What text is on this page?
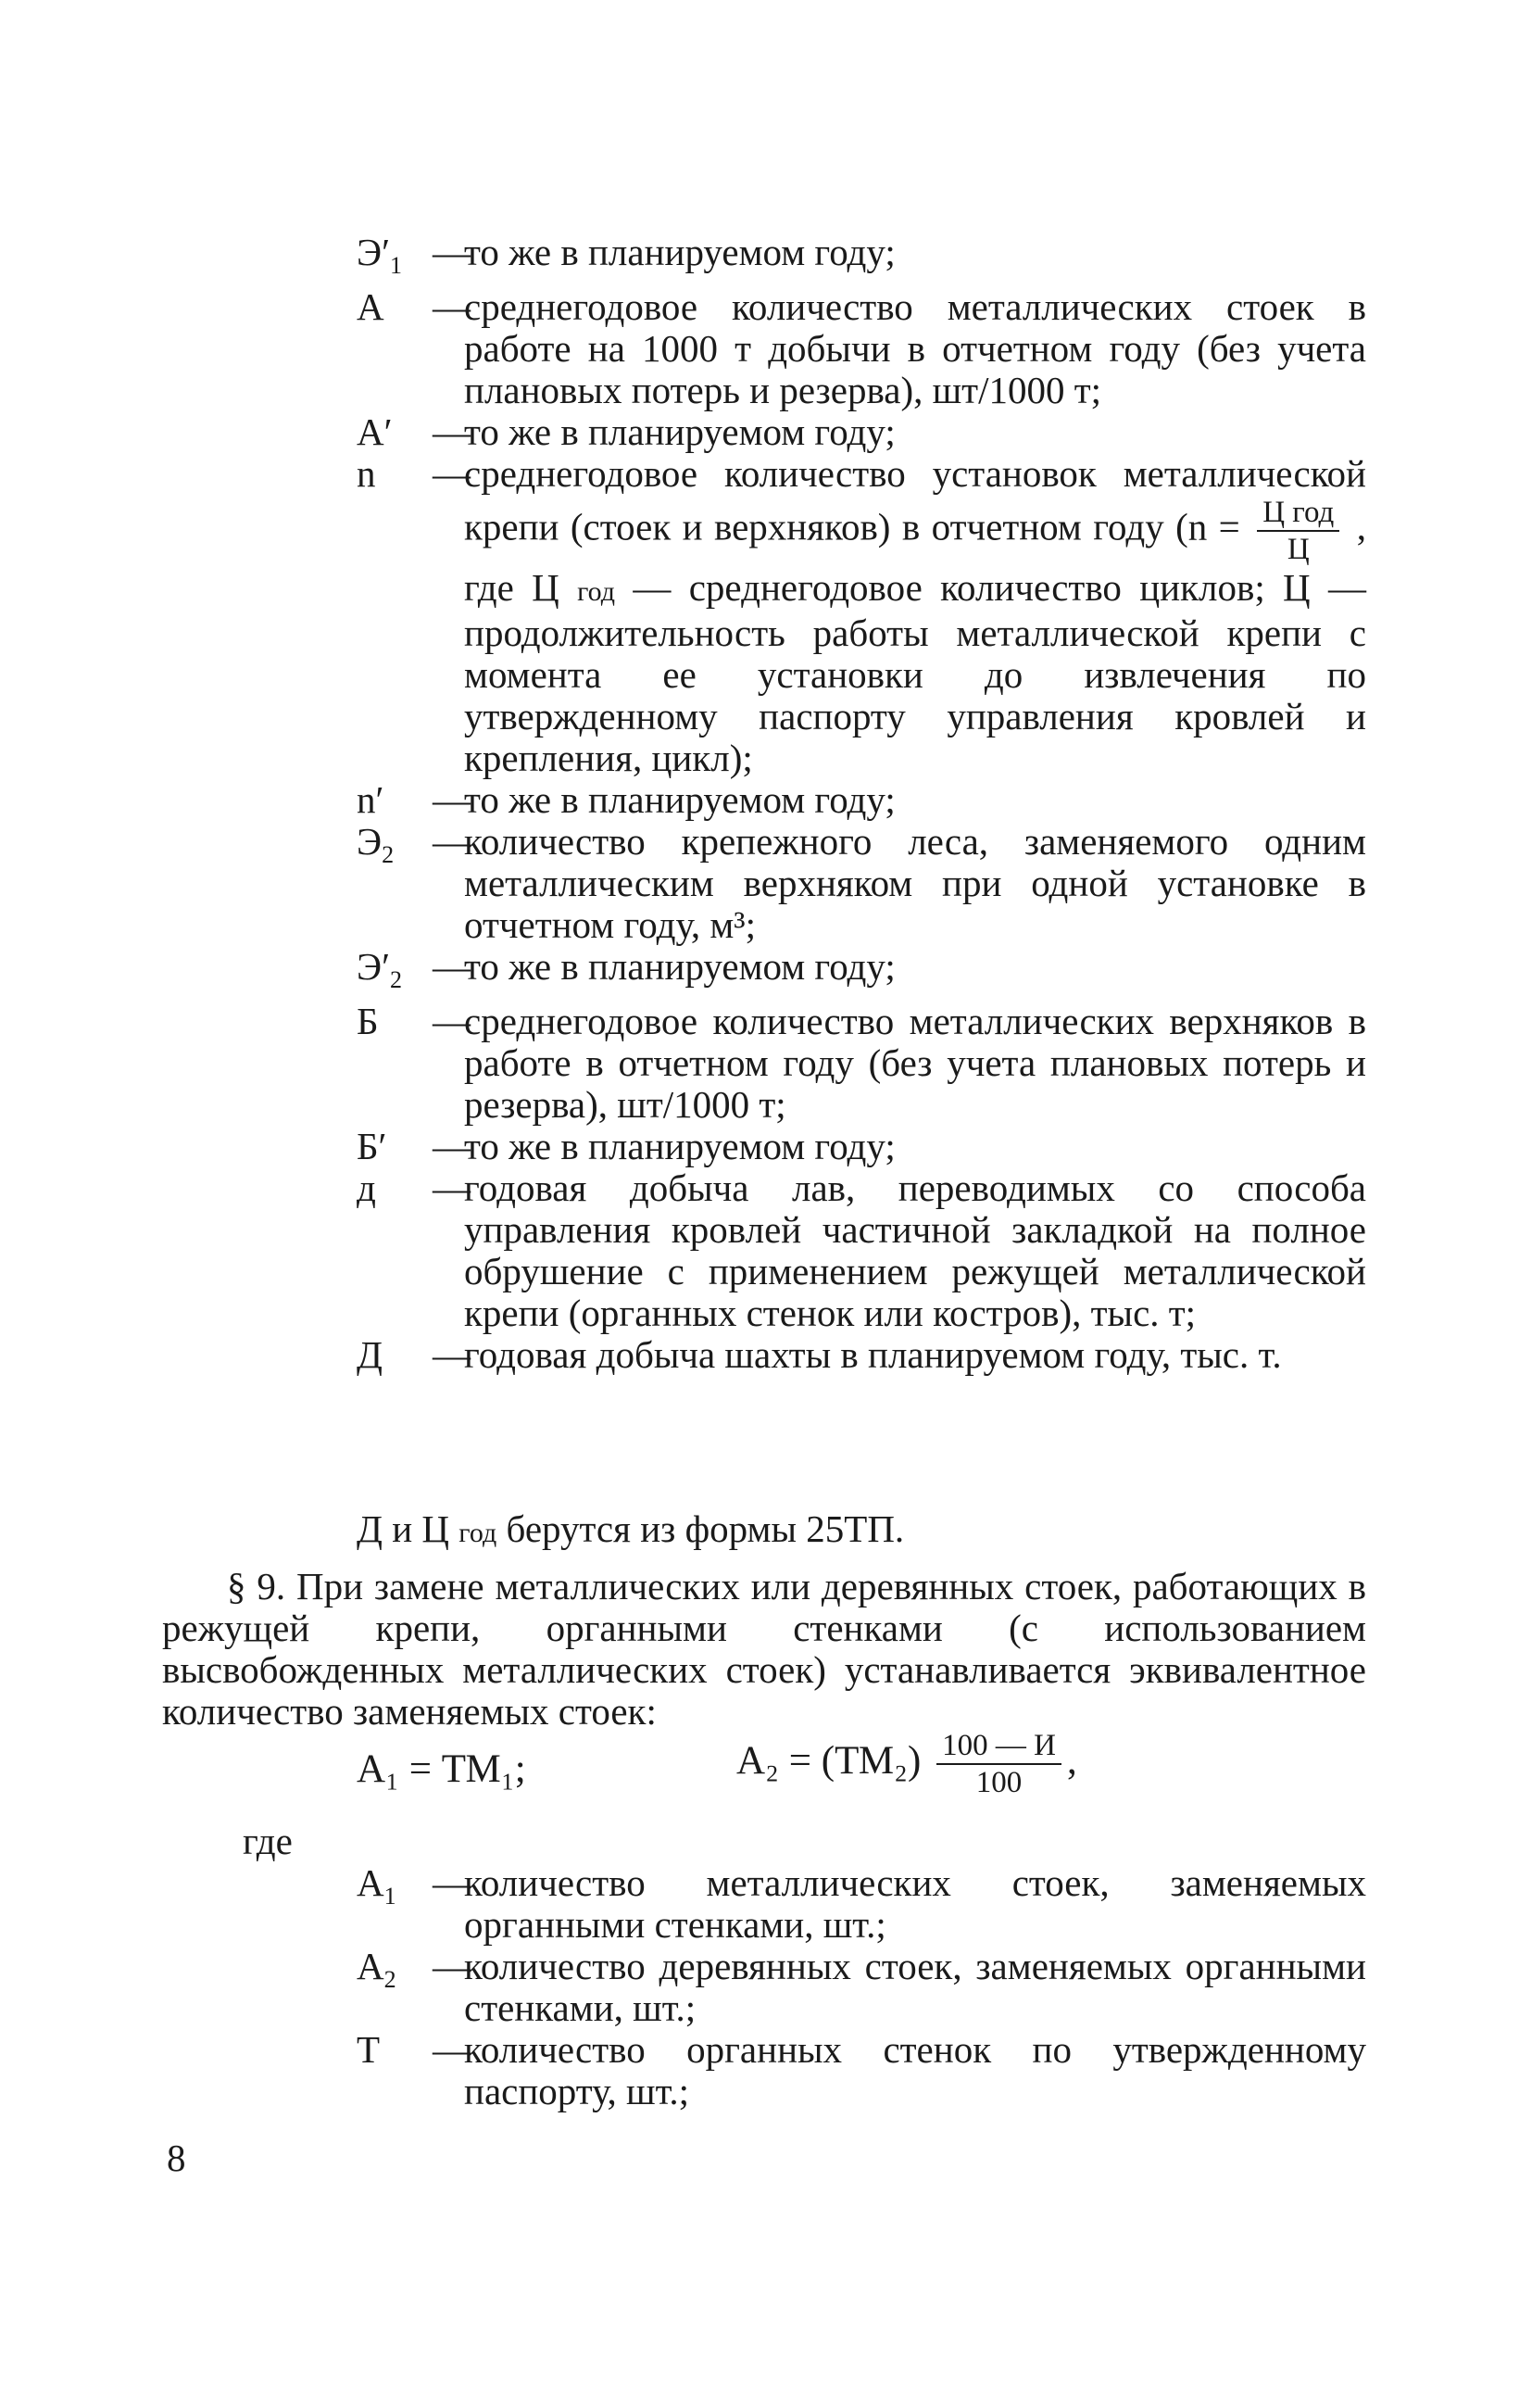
$Э'_1$ —
то же в планируемом году;
А	—
среднегодовое количество металлических стоек в работе на 1000 т добычи в отчетном году (без учета плановых потерь и резерва), шт/1000 т;
А′	—
то же в планируемом году;
n	—
среднегодовое количество установок металлической крепи (стоек и верхняков) в отчетном году ($n = \frac{\text{Ц год}}{Ц}$ , где Ц год — среднегодовое количество циклов; Ц — продолжительность работы металлической крепи с момента ее установки до извлечения по утвержденному паспорту управления кровлей и крепления, цикл);
n′	—
то же в планируемом году;
$Э_2$	—
количество крепежного леса, заменяемого одним металлическим верхняком при одной установке в отчетном году, м³;
$Э'_2$ —
то же в планируемом году;
Б	—
среднегодовое количество металлических верхняков в работе в отчетном году (без учета плановых потерь и резерва), шт/1000 т;
Б′	—
то же в планируемом году;
д	—
годовая добыча лав, переводимых со способа управления кровлей частичной закладкой на полное обрушение с применением режущей металлической крепи (органных стенок или костров), тыс. т;
Д	—
годовая добыча шахты в планируемом году, тыс. т.
Д и Ц год берутся из формы 25ТП.
§ 9. При замене металлических или деревянных стоек, работающих в режущей крепи, органными стенками (с использованием высвобожденных металлических стоек) устанавливается эквивалентное количество заменяемых стоек:
А₁ = ТМ₁;	$А_2 = (ТМ_2) \frac{100 — И}{100}$ ,
где
$А_1$ —
количество металлических стоек, заменяемых органными стенками, шт.;
$А_2$ —
количество деревянных стоек, заменяемых органными стенками, шт.;
Т	—
количество органных стенок по утвержденному паспорту, шт.;
8
